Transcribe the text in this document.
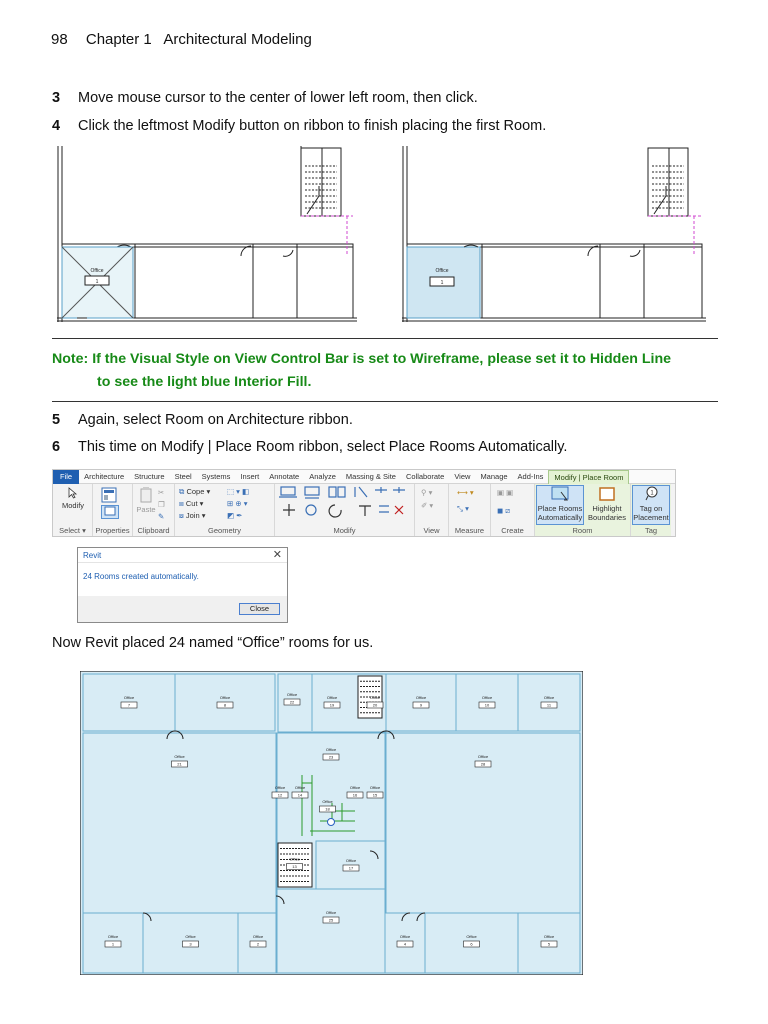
98 Chapter 1 Architectural Modeling
3 Move mouse cursor to the center of lower left room, then click.
4 Click the leftmost Modify button on ribbon to finish placing the first Room.
Office
1
Office
1
Note: If the Visual Style on View Control Bar is set to Wireframe, please set it to Hidden Line
to see the light blue Interior Fill.
5 Again, select Room on Architecture ribbon.
6 This time on Modify | Place Room ribbon, select Place Rooms Automatically.
File	Architecture	Structure	Steel	Systems	Insert	Annotate	Analyze	Massing & Site	Collaborate	View	Manage	Add-Ins	Modify | Place Room

Modify
Select ▾	Properties

Paste
✂
❐
✎
Clipboard
⧉ Cope ▾
⧈ Cut ▾
⧇ Join ▾
⬚ ▾ ◧
⊞ ⊕ ▾
◩ ✒
Geometry	Modify
⚲ ▾
✐ ▾
View
⟷ ▾
⤡ ▾
Measure
▣ ▣
◼ ⧄
Create

Place Rooms
Automatically

Highlight
Boundaries
Room
1

Tag on
Placement
Tag
Revit	✕
24 Rooms created automatically.
Close
Now Revit placed 24 named “Office” rooms for us.
Office
7
Office
8
Office
22
Office
19
Office
20
Office
9
Office
10
Office
11
Office
23
Office
12
Office
14
Office
16
Office
15
Office
18
Office
21
Office
28
Office
13
Office
17
Office
1
Office
3
Office
2
Office
25
Office
4
Office
6
Office
5
